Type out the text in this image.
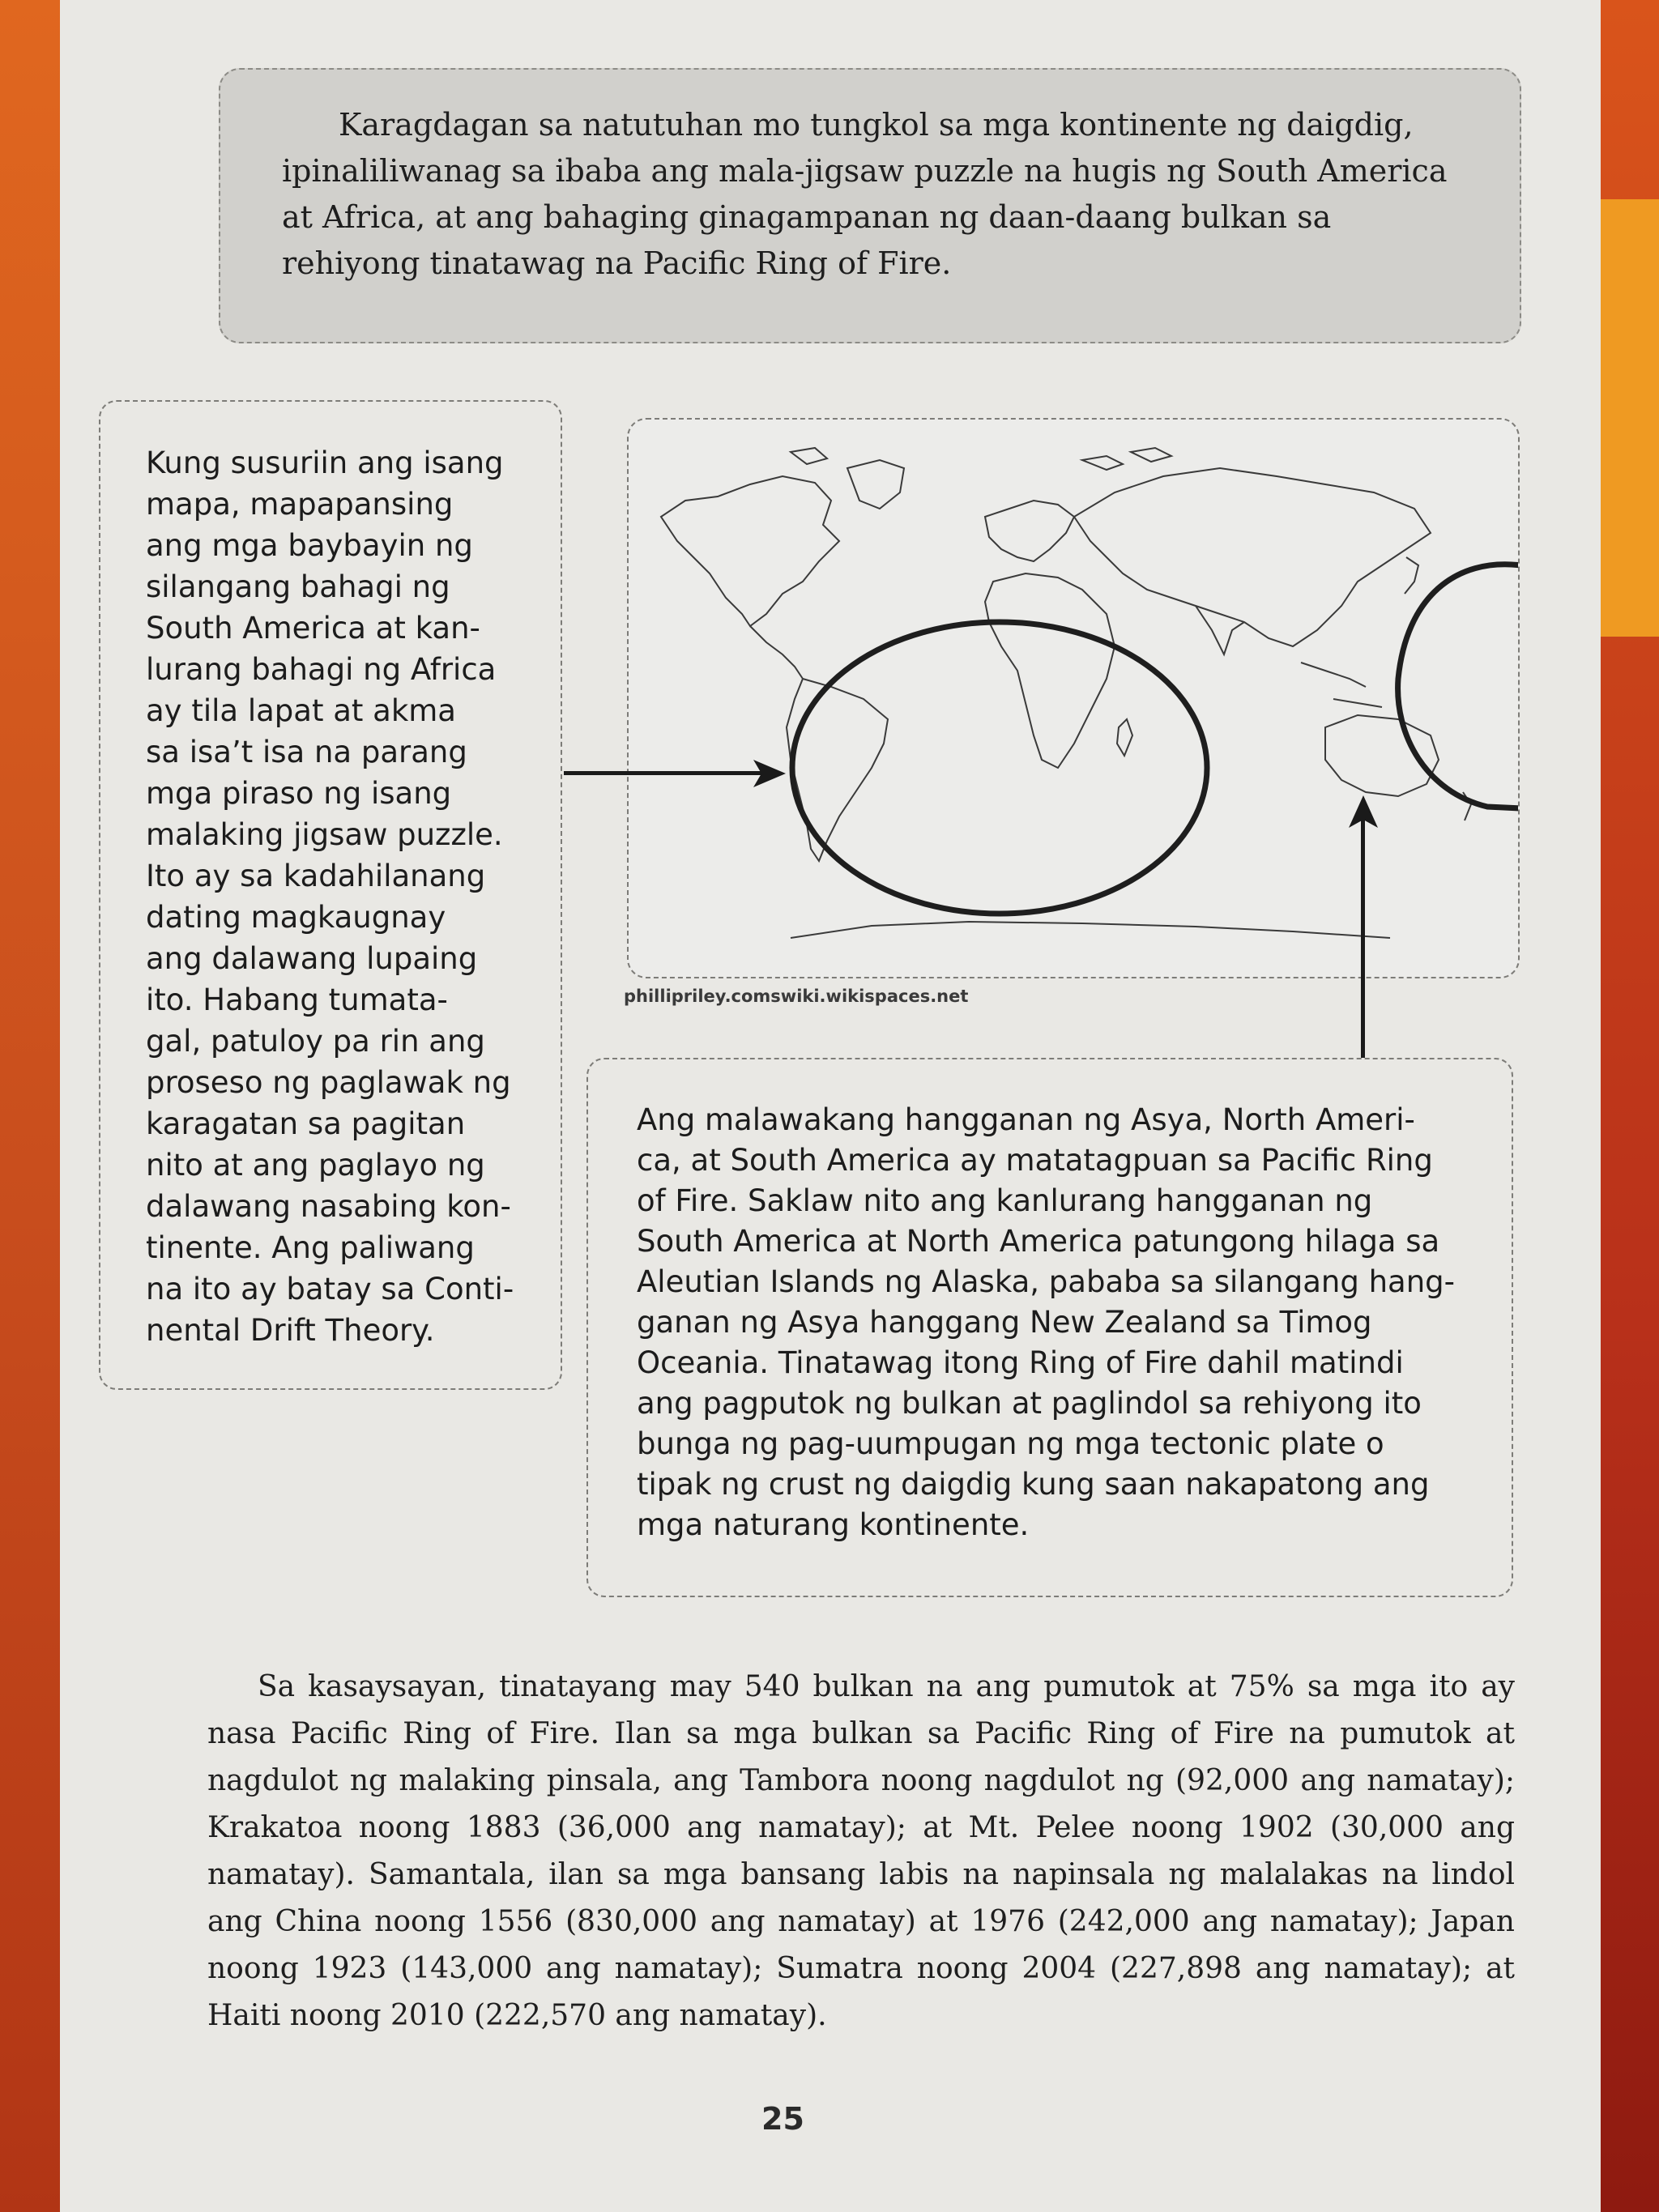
Karagdagan sa natutuhan mo tungkol sa mga kontinente ng daigdig, ipinaliliwanag sa ibaba ang mala-jigsaw puzzle na hugis ng South America at Africa, at ang bahaging ginagampanan ng daan-daang bulkan sa rehiyong tinatawag na Pacific Ring of Fire.
Kung susuriin ang isang
mapa, mapapansing
ang mga baybayin ng
silangang bahagi ng
South America at kan-
lurang bahagi ng Africa
ay tila lapat at akma
sa isa’t isa na parang
mga piraso ng isang
malaking jigsaw puzzle.
Ito ay sa kadahilanang
dating magkaugnay
ang dalawang lupaing
ito. Habang tumata-
gal, patuloy pa rin ang
proseso ng paglawak ng
karagatan sa pagitan
nito at ang paglayo ng
dalawang nasabing kon-
tinente. Ang paliwang
na ito ay batay sa Conti-
nental Drift Theory.
phillipriley.comswiki.wikispaces.net
Ang malawakang hangganan ng Asya, North Ameri-
ca, at South America ay matatagpuan sa Pacific Ring
of Fire. Saklaw nito ang kanlurang hangganan ng
South America at North America patungong hilaga sa
Aleutian Islands ng Alaska, pababa sa silangang hang-
ganan ng Asya hanggang New Zealand sa Timog
Oceania. Tinatawag itong Ring of Fire dahil matindi
ang pagputok ng bulkan at paglindol sa rehiyong ito
bunga ng pag-uumpugan ng mga tectonic plate o
tipak ng crust ng daigdig kung saan nakapatong ang
mga naturang kontinente.
Sa kasaysayan, tinatayang may 540 bulkan na ang pumutok at 75% sa mga ito ay nasa Pacific Ring of Fire. Ilan sa mga bulkan sa Pacific Ring of Fire na pumutok at nagdulot ng malaking pinsala, ang Tambora noong nagdulot ng (92,000 ang namatay); Krakatoa noong 1883 (36,000 ang namatay); at Mt. Pelee noong 1902 (30,000 ang namatay). Samantala, ilan sa mga bansang labis na napinsala ng malalakas na lindol ang China noong 1556 (830,000 ang namatay) at 1976 (242,000 ang namatay); Japan noong 1923 (143,000 ang namatay); Sumatra noong 2004 (227,898 ang namatay); at Haiti noong 2010 (222,570 ang namatay).
25
